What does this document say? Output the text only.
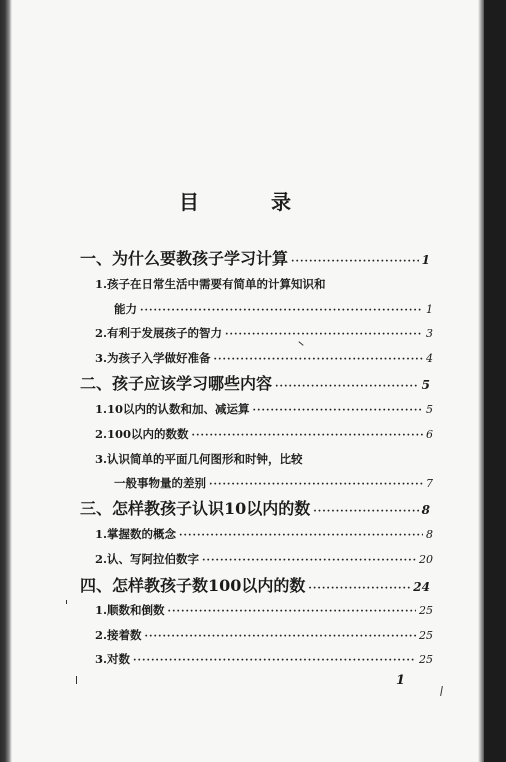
目　录
一、为什么要教孩子学习计算 ·····	1
1.孩子在日常生活中需要有简单的计算知识和
能力 ·····	1
2.有利于发展孩子的智力 ·····	3
3.为孩子入学做好准备 ·····	4
二、孩子应该学习哪些内容 ·····	5
1.10以内的认数和加、减运算 ·····	5
2.100以内的数数 ·····	6
3.认识简单的平面几何图形和时钟，比较
一般事物量的差别 ·····	7
三、怎样教孩子认识10以内的数 ·····	8
1.掌握数的概念 ·····	8
2.认、写阿拉伯数字 ·····	20
四、怎样教孩子数100以内的数 ·····	24
1.顺数和倒数 ·····	25
2.接着数 ·····	25
3.对数 ·····	25
1
